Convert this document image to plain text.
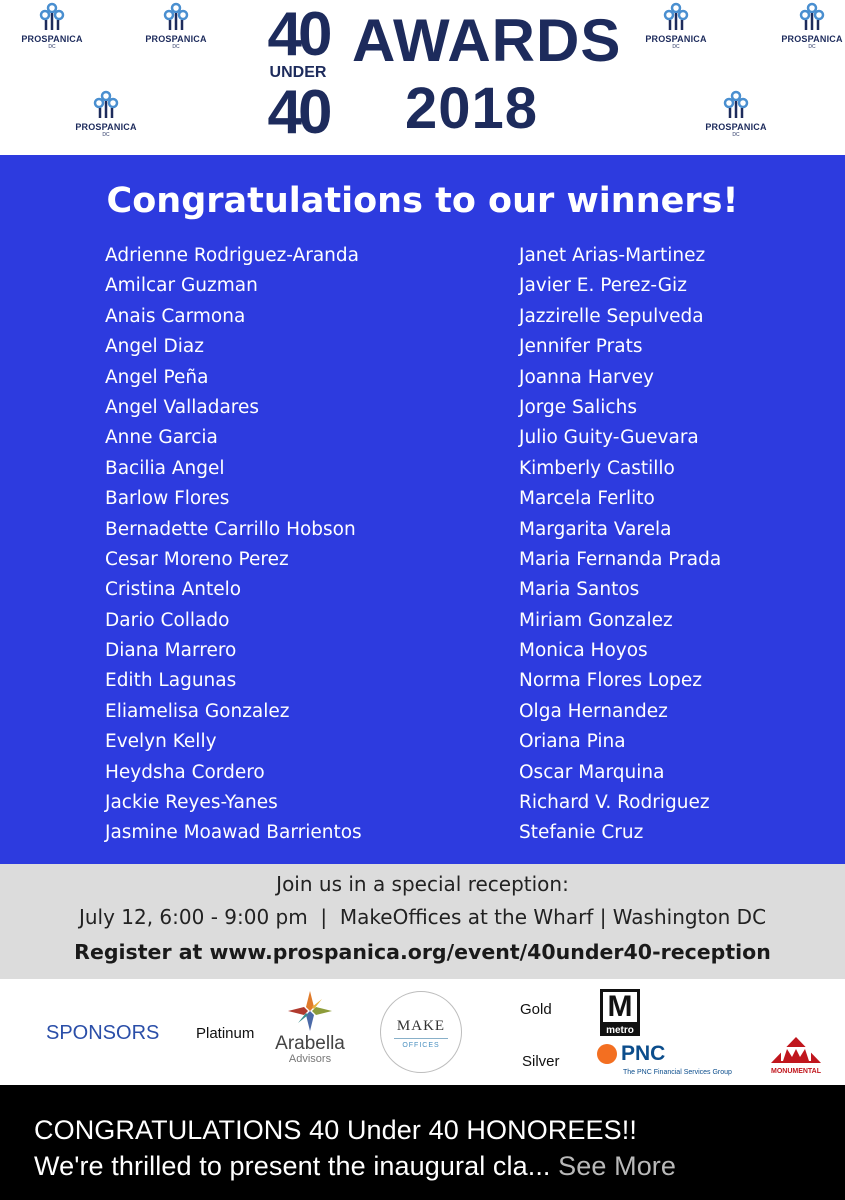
PROSPANICA
DC
PROSPANICA
DC
PROSPANICA
DC
40
UNDER
40
AWARDS
2018
PROSPANICA
DC
PROSPANICA
DC
PROSPANICA
DC
Congratulations to our winners!
Adrienne Rodriguez-Aranda
Amilcar Guzman
Anais Carmona
Angel Diaz
Angel Peña
Angel Valladares
Anne Garcia
Bacilia Angel
Barlow Flores
Bernadette Carrillo Hobson
Cesar Moreno Perez
Cristina Antelo
Dario Collado
Diana Marrero
Edith Lagunas
Eliamelisa Gonzalez
Evelyn Kelly
Heydsha Cordero
Jackie Reyes-Yanes
Jasmine Moawad Barrientos
Janet Arias-Martinez
Javier E. Perez-Giz
Jazzirelle Sepulveda
Jennifer Prats
Joanna Harvey
Jorge Salichs
Julio Guity-Guevara
Kimberly Castillo
Marcela Ferlito
Margarita Varela
Maria Fernanda Prada
Maria Santos
Miriam Gonzalez
Monica Hoyos
Norma Flores Lopez
Olga Hernandez
Oriana Pina
Oscar Marquina
Richard V. Rodriguez
Stefanie Cruz
Join us in a special reception:
July 12, 6:00 - 9:00 pm  |  MakeOffices at the Wharf | Washington DC
Register at www.prospanica.org/event/40under40-reception
SPONSORS Platinum Arabella
Advisors
MAKE
OFFICES
Gold
Silver
M
metro
PNC
The PNC Financial Services Group	MONUMENTAL
CONGRATULATIONS 40 Under 40 HONOREES!!
We're thrilled to present the inaugural cla... See More
